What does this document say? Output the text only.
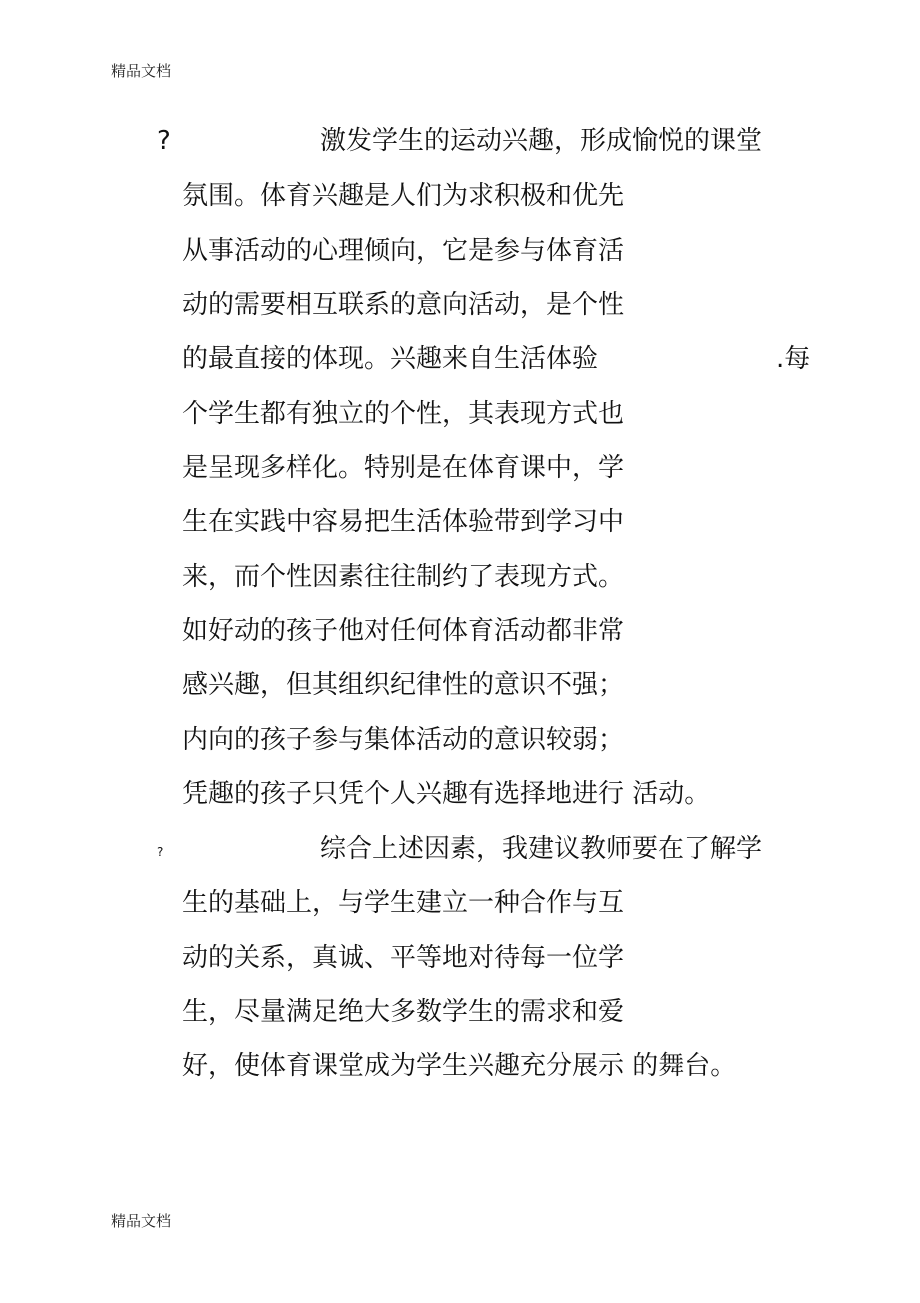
精品文档
?	激发学生的运动兴趣，形成愉悦的课堂
氛围。体育兴趣是人们为求积极和优先
从事活动的心理倾向，它是参与体育活
动的需要相互联系的意向活动，是个性
的最直接的体现。兴趣来自生活体验	.每
个学生都有独立的个性，其表现方式也
是呈现多样化。特别是在体育课中，学
生在实践中容易把生活体验带到学习中
来，而个性因素往往制约了表现方式。
如好动的孩子他对任何体育活动都非常
感兴趣，但其组织纪律性的意识不强；
内向的孩子参与集体活动的意识较弱；
凭趣的孩子只凭个人兴趣有选择地进行 活动。
?	综合上述因素，我建议教师要在了解学
生的基础上，与学生建立一种合作与互
动的关系，真诚、平等地对待每一位学
生，尽量满足绝大多数学生的需求和爱
好，使体育课堂成为学生兴趣充分展示 的舞台。
精品文档
